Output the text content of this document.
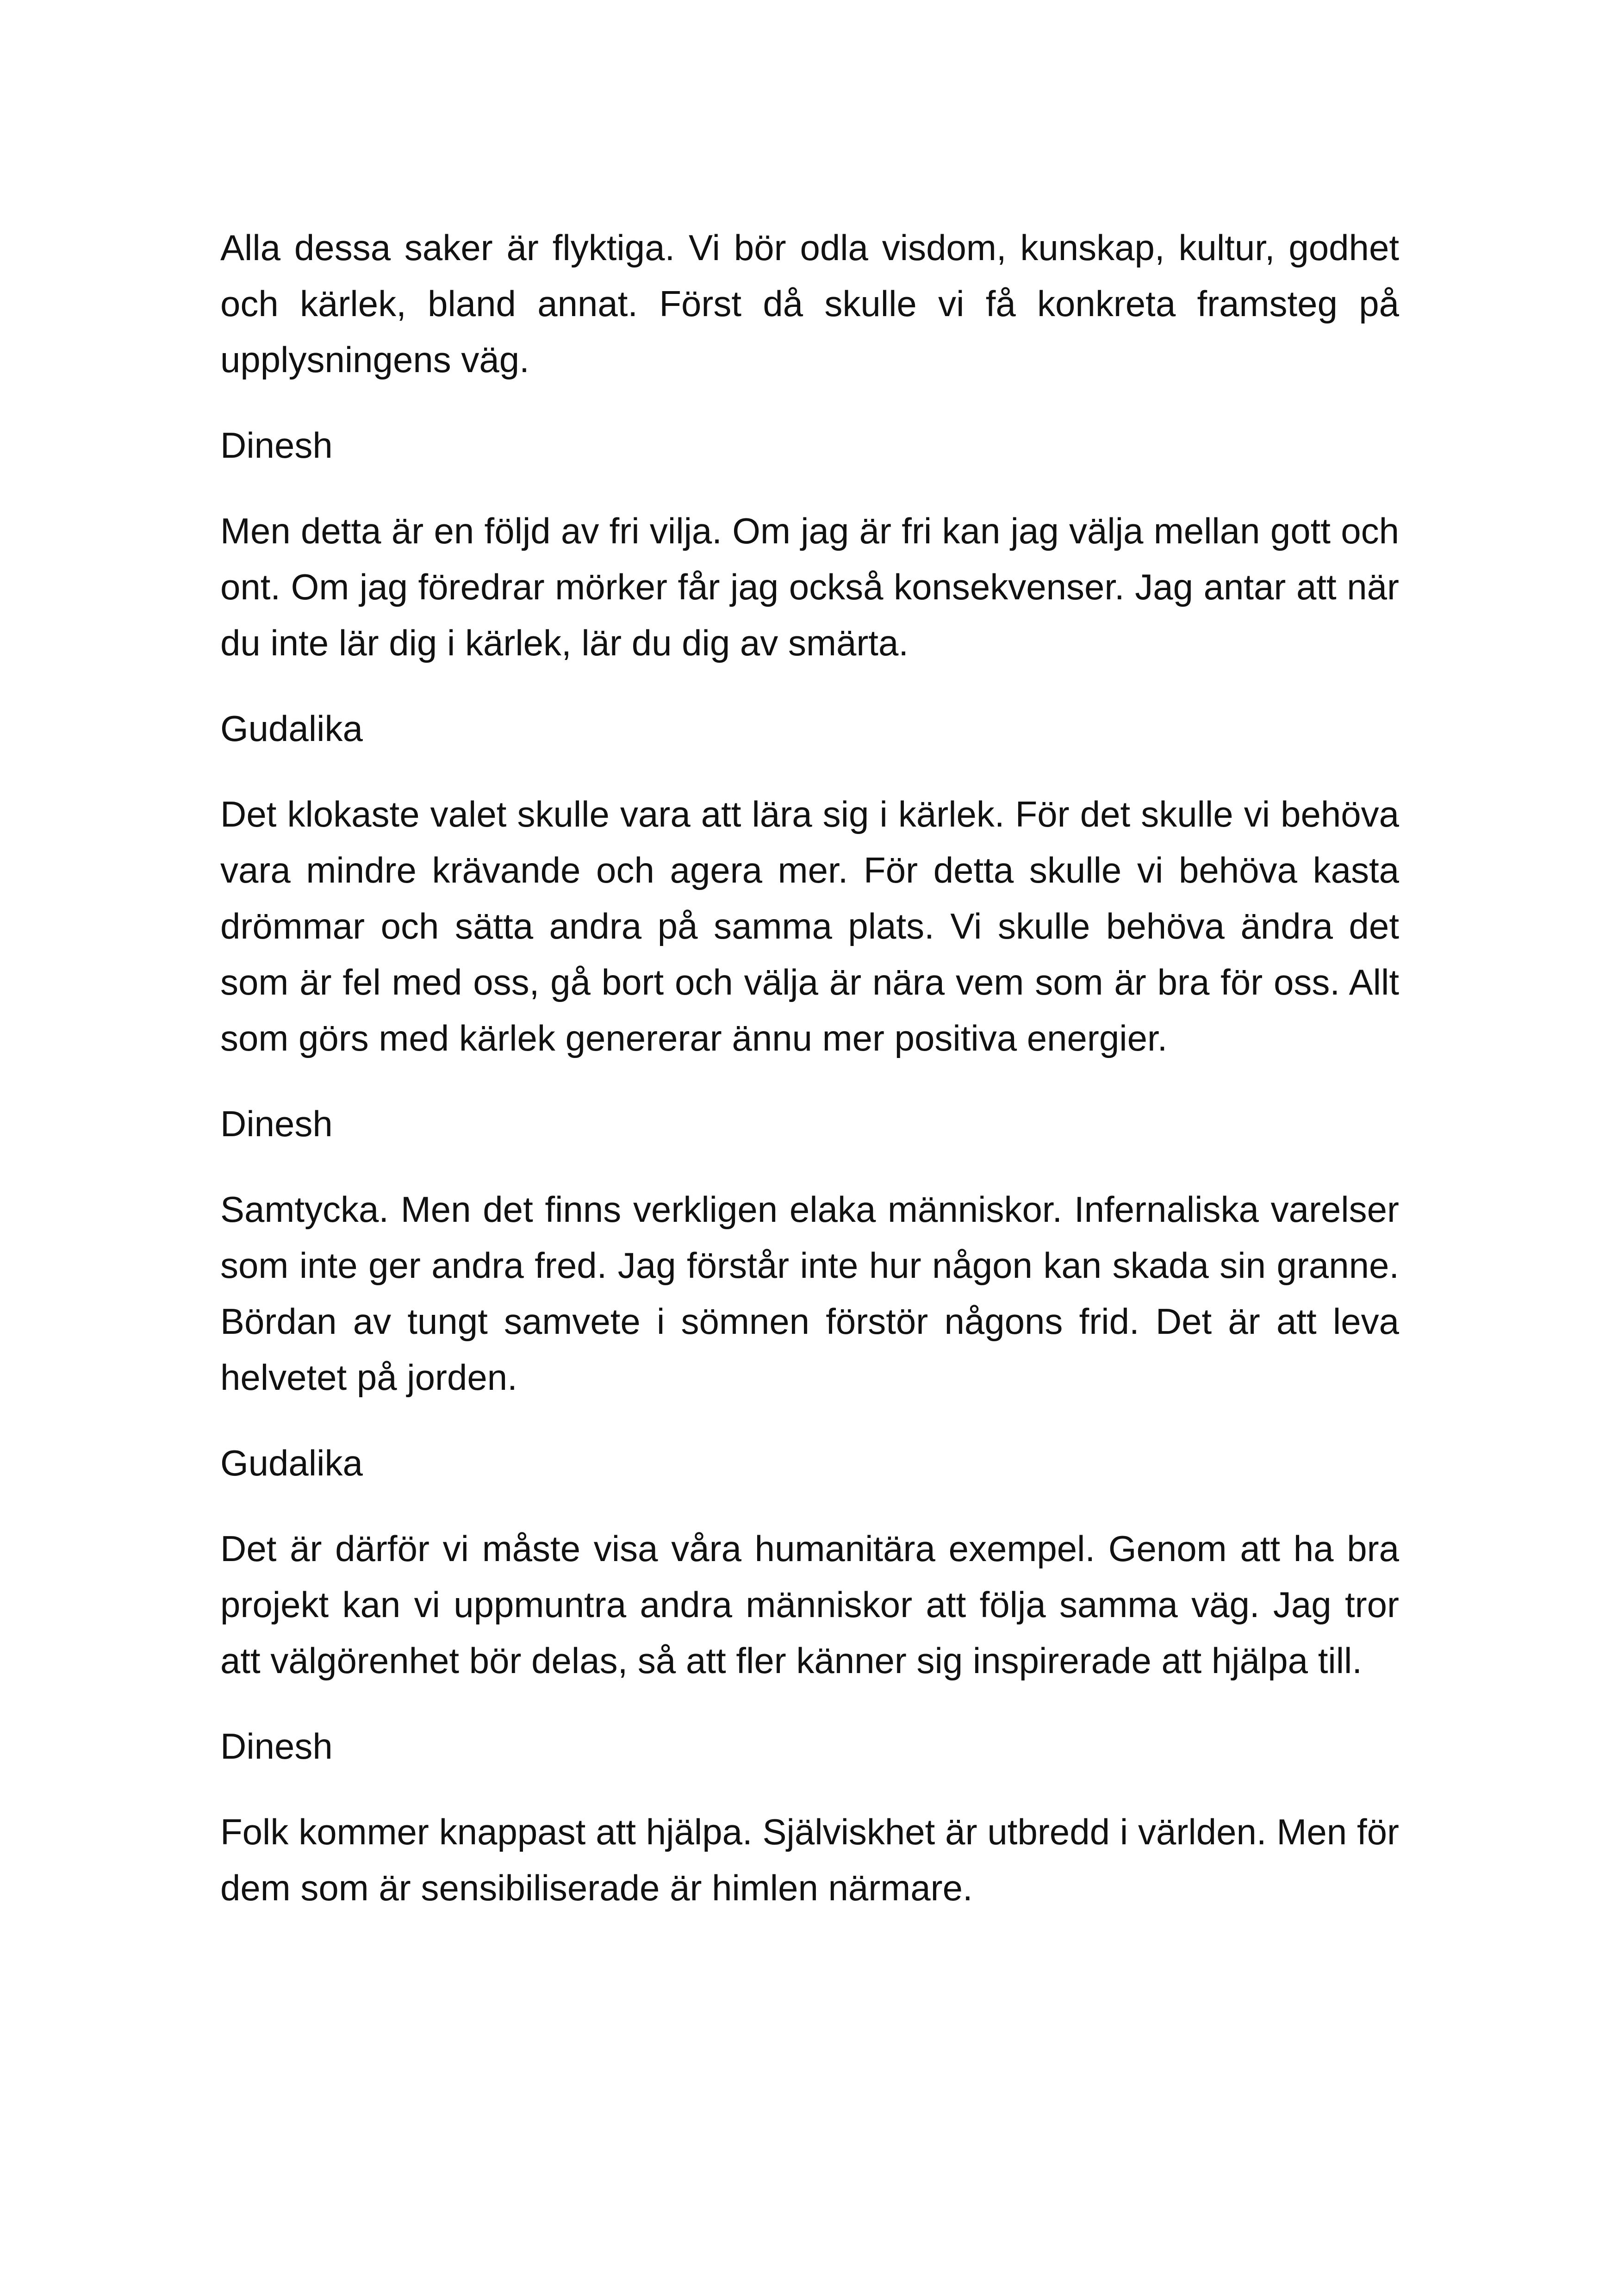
Alla dessa saker är flyktiga. Vi bör odla visdom, kunskap, kultur, godhet och kärlek, bland annat. Först då skulle vi få konkreta framsteg på upplysningens väg.

Dinesh

Men detta är en följd av fri vilja. Om jag är fri kan jag välja mellan gott och ont. Om jag föredrar mörker får jag också konsekvenser. Jag antar att när du inte lär dig i kärlek, lär du dig av smärta.

Gudalika

Det klokaste valet skulle vara att lära sig i kärlek. För det skulle vi behöva vara mindre krävande och agera mer. För detta skulle vi behöva kasta drömmar och sätta andra på samma plats. Vi skulle behöva ändra det som är fel med oss, gå bort och välja är nära vem som är bra för oss. Allt som görs med kärlek genererar ännu mer positiva energier.

Dinesh

Samtycka. Men det finns verkligen elaka människor. Infernaliska varelser som inte ger andra fred. Jag förstår inte hur någon kan skada sin granne. Bördan av tungt samvete i sömnen förstör någons frid. Det är att leva helvetet på jorden.

Gudalika

Det är därför vi måste visa våra humanitära exempel. Genom att ha bra projekt kan vi uppmuntra andra människor att följa samma väg. Jag tror att välgörenhet bör delas, så att fler känner sig inspirerade att hjälpa till.

Dinesh

Folk kommer knappast att hjälpa. Själviskhet är utbredd i världen. Men för dem som är sensibiliserade är himlen närmare.
